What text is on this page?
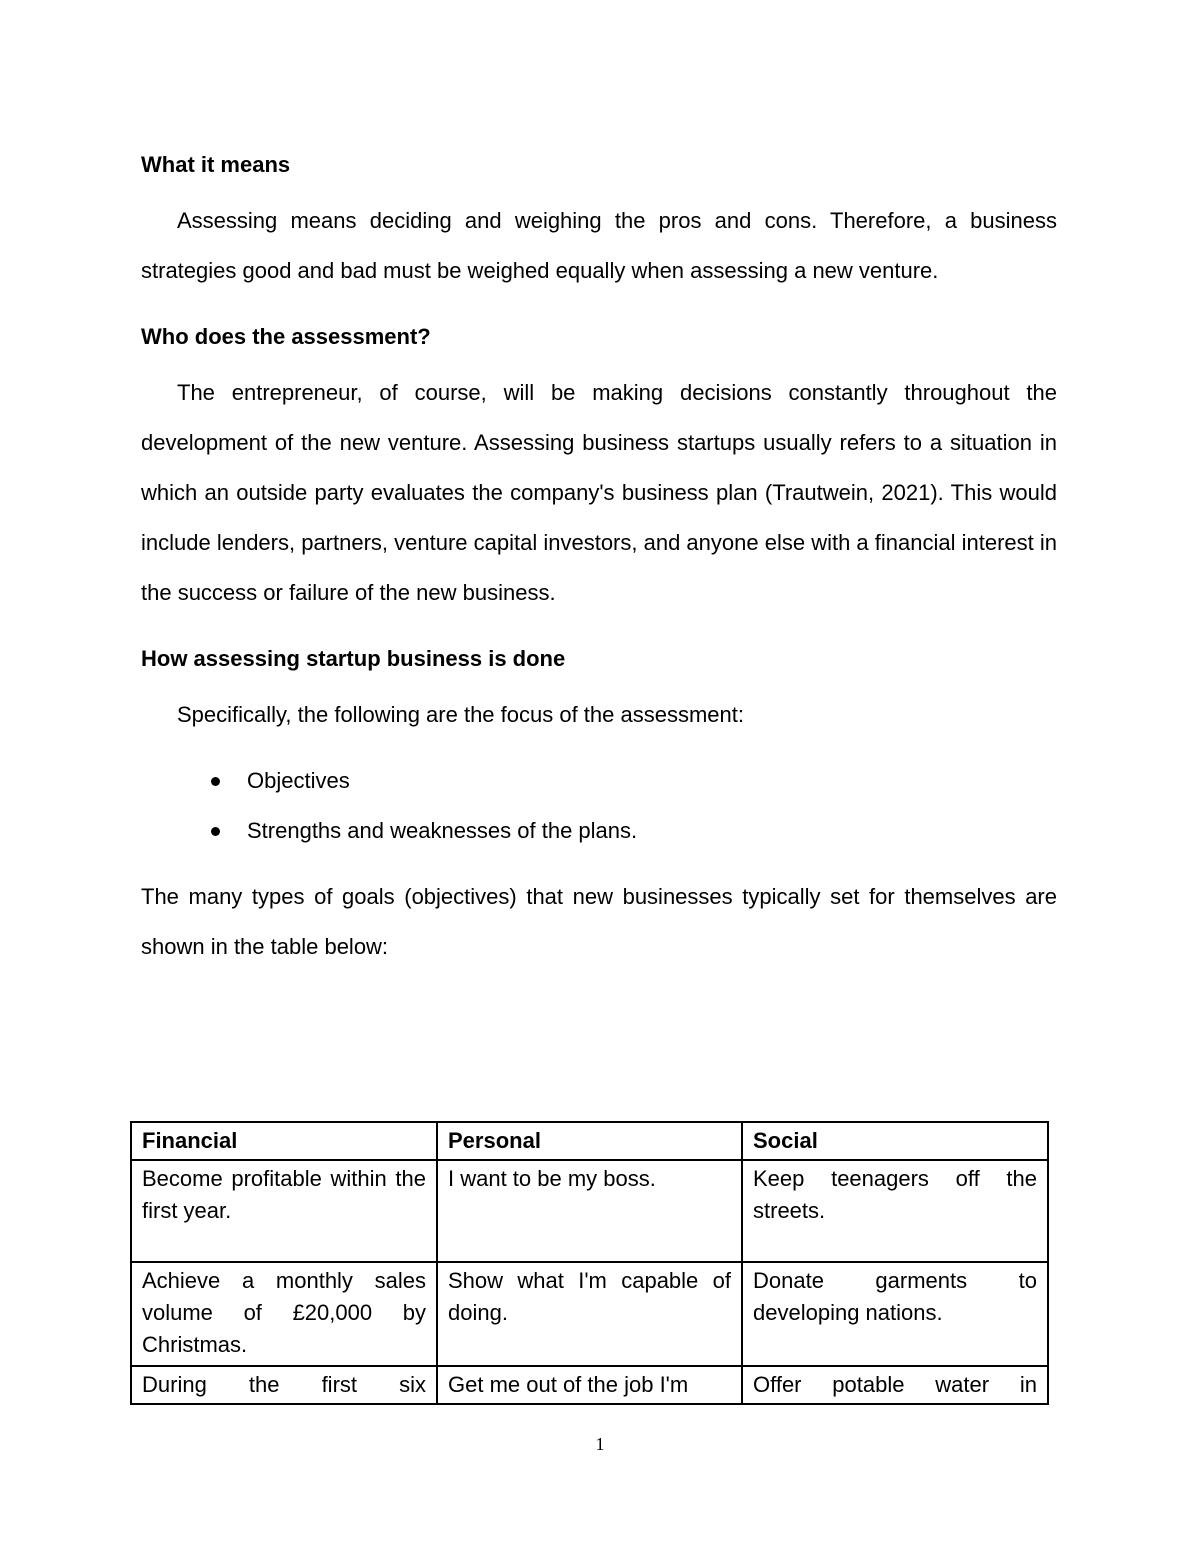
What it means

Assessing means deciding and weighing the pros and cons. Therefore, a business strategies good and bad must be weighed equally when assessing a new venture.

Who does the assessment?

The entrepreneur, of course, will be making decisions constantly throughout the development of the new venture. Assessing business startups usually refers to a situation in which an outside party evaluates the company's business plan (Trautwein, 2021). This would include lenders, partners, venture capital investors, and anyone else with a financial interest in the success or failure of the new business.

How assessing startup business is done

Specifically, the following are the focus of the assessment:

Objectives
Strengths and weaknesses of the plans.

The many types of goals (objectives) that new businesses typically set for themselves are shown in the table below:

Financial	Personal	Social
Become profitable within the first year.	I want to be my boss.	Keep teenagers off the streets.
Achieve a monthly sales volume of £20,000 by Christmas.	Show what I'm capable of doing.	Donate garments to developing nations.
During the first six	Get me out of the job I'm	Offer potable water in
1
